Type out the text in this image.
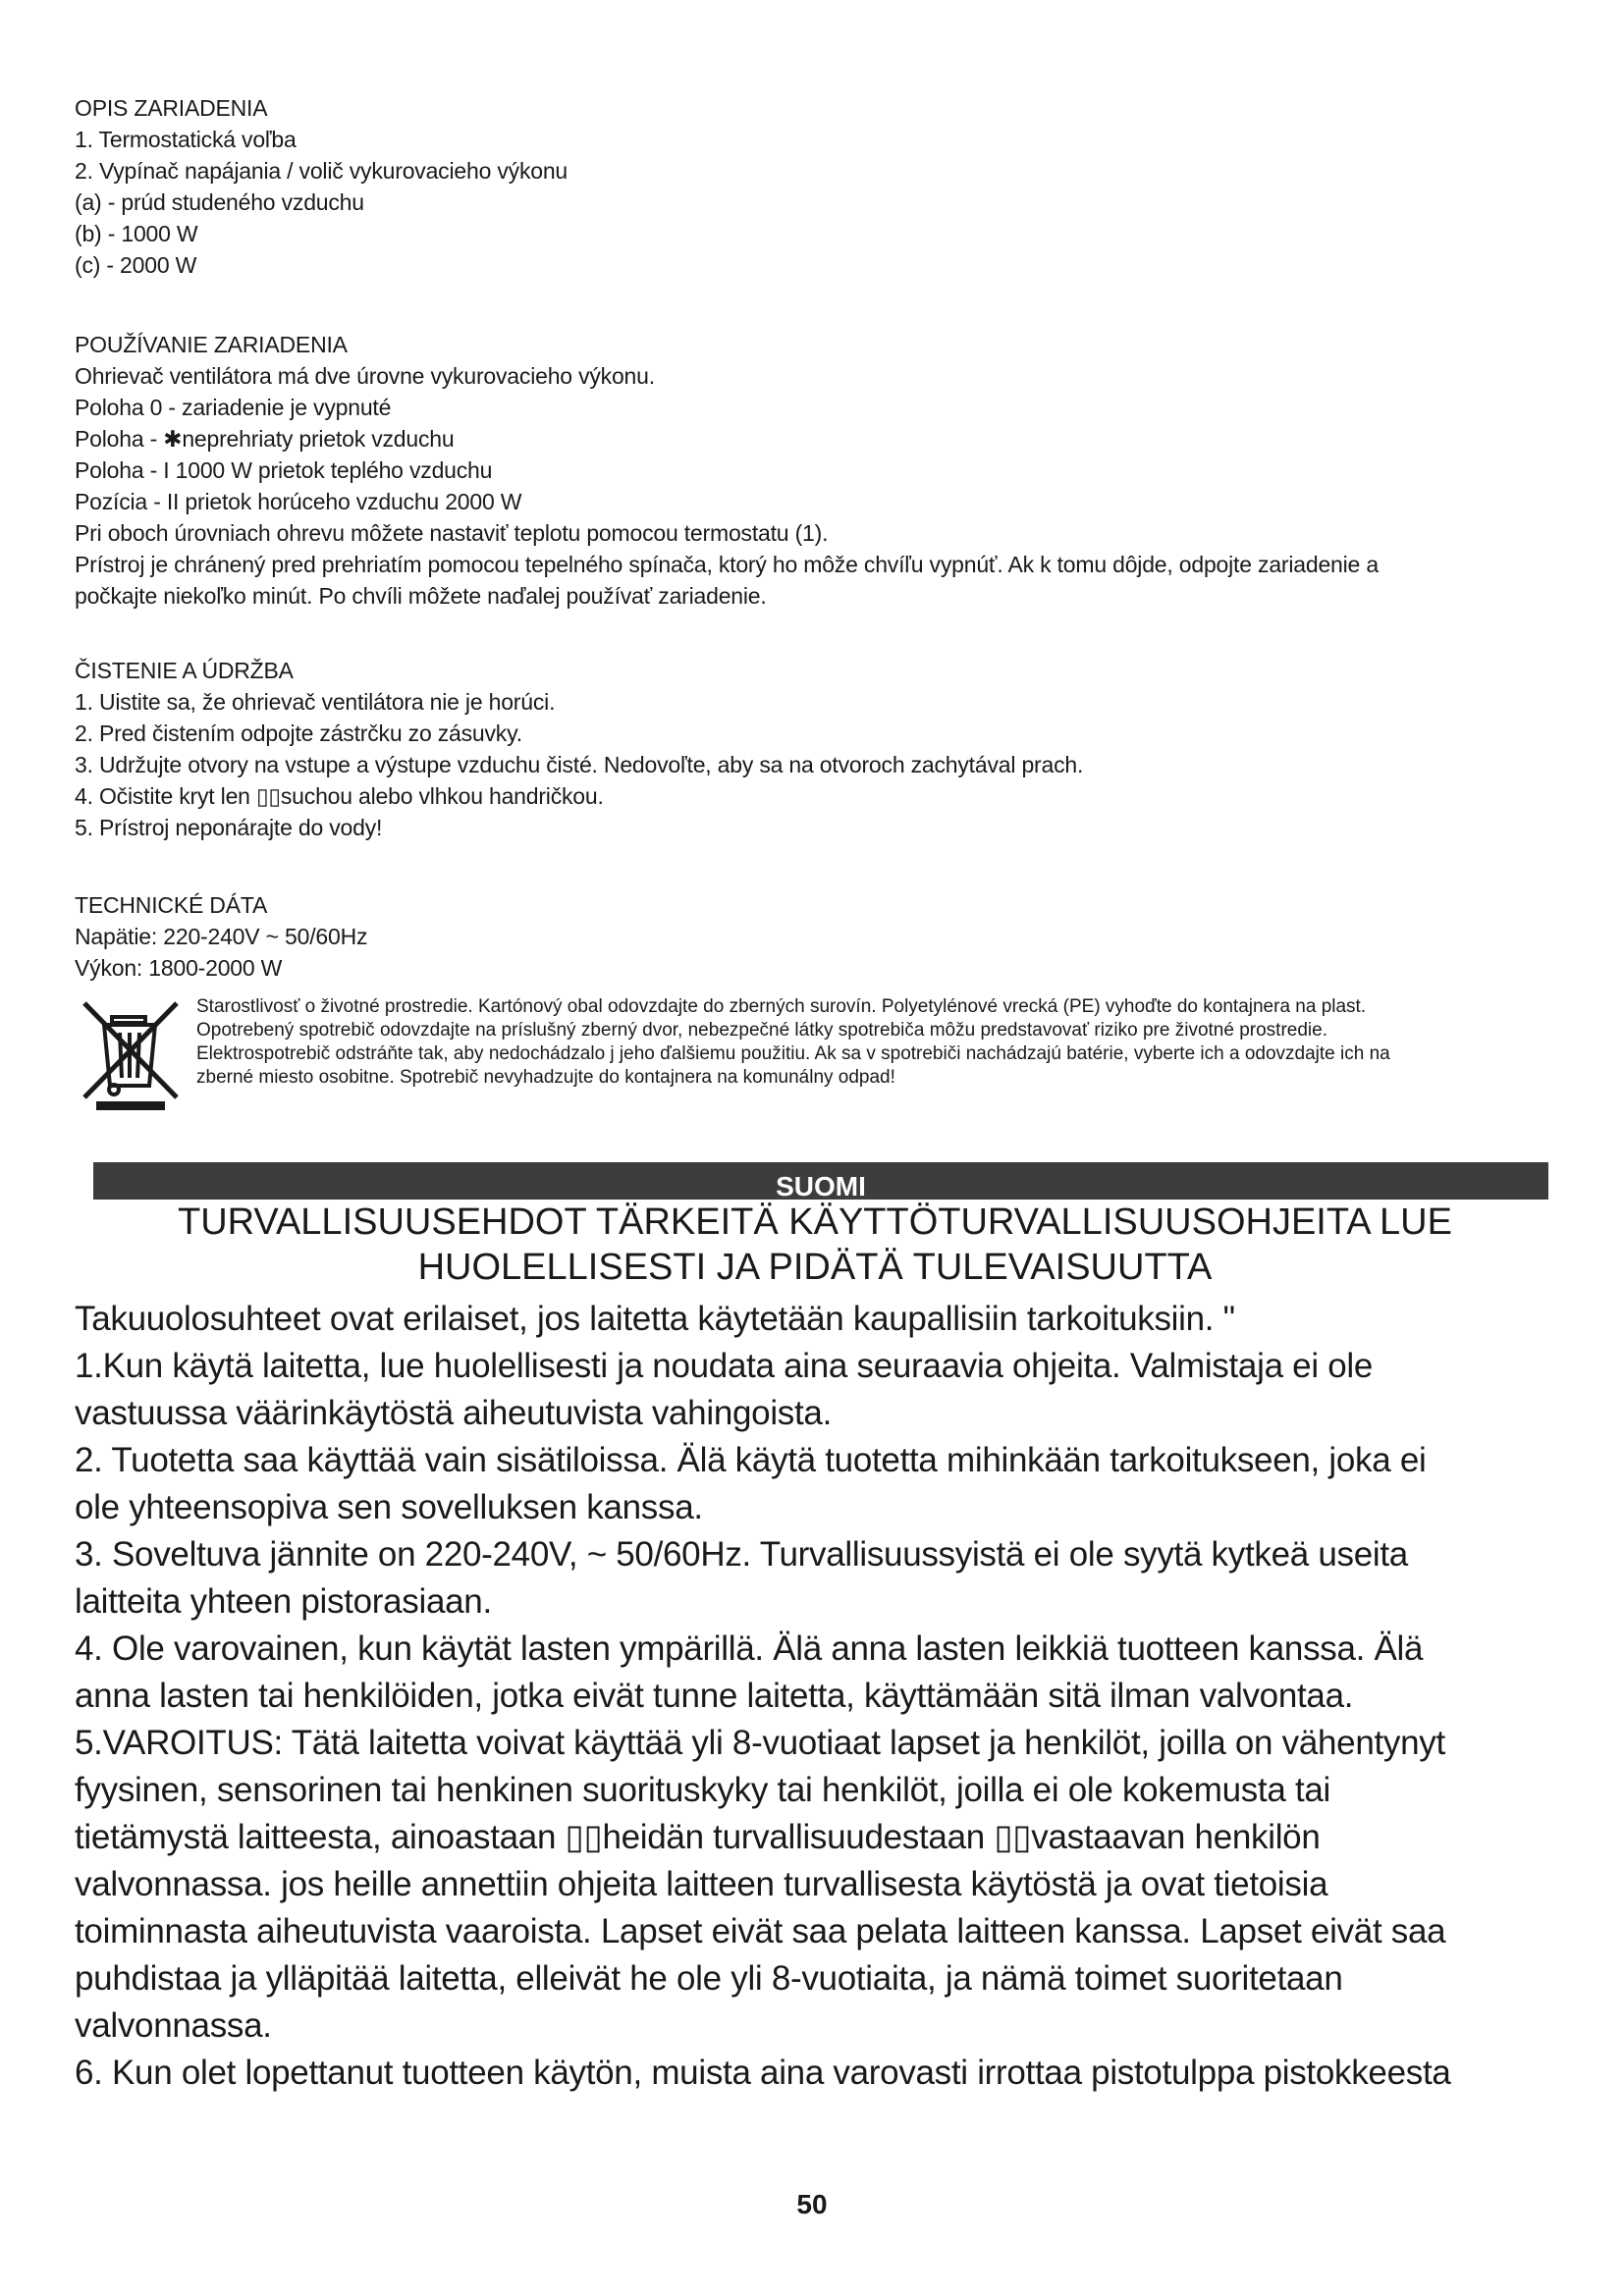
OPIS ZARIADENIA

1. Termostatická voľba

2. Vypínač napájania / volič vykurovacieho výkonu

(a) - prúd studeného vzduchu

(b) - 1000 W

(c) - 2000 W

POUŽÍVANIE ZARIADENIA

Ohrievač ventilátora má dve úrovne vykurovacieho výkonu.

Poloha 0 - zariadenie je vypnuté

Poloha - ✱neprehriaty prietok vzduchu

Poloha - I 1000 W prietok teplého vzduchu

Pozícia - II prietok horúceho vzduchu 2000 W

Pri oboch úrovniach ohrevu môžete nastaviť teplotu pomocou termostatu (1).

Prístroj je chránený pred prehriatím pomocou tepelného spínača, ktorý ho môže chvíľu vypnúť. Ak k tomu dôjde, odpojte zariadenie a

počkajte niekoľko minút. Po chvíli môžete naďalej používať zariadenie.

ČISTENIE A ÚDRŽBA

1. Uistite sa, že ohrievač ventilátora nie je horúci.

2. Pred čistením odpojte zástrčku zo zásuvky.

3. Udržujte otvory na vstupe a výstupe vzduchu čisté. Nedovoľte, aby sa na otvoroch zachytával prach.

4. Očistite kryt len ▯▯suchou alebo vlhkou handričkou.

5. Prístroj neponárajte do vody!

TECHNICKÉ DÁTA

Napätie: 220-240V ~ 50/60Hz

Výkon: 1800-2000 W

Starostlivosť o životné prostredie. Kartónový obal odovzdajte do zberných surovín. Polyetylénové vrecká (PE) vyhoďte do kontajnera na plast.

Opotrebený spotrebič odovzdajte na príslušný zberný dvor, nebezpečné látky spotrebiča môžu predstavovať riziko pre životné prostredie.

Elektrospotrebič odstráňte tak, aby nedochádzalo j jeho ďalšiemu použitiu. Ak sa v spotrebiči nachádzajú batérie, vyberte ich a odovzdajte ich na

zberné miesto osobitne. Spotrebič nevyhadzujte do kontajnera na komunálny odpad!

SUOMI
TURVALLISUUSEHDOT TÄRKEITÄ KÄYTTÖTURVALLISUUSOHJEITA LUE
HUOLELLISESTI JA PIDÄTÄ TULEVAISUUTTA

Takuuolosuhteet ovat erilaiset, jos laitetta käytetään kaupallisiin tarkoituksiin. "

1.Kun käytä laitetta, lue huolellisesti ja noudata aina seuraavia ohjeita. Valmistaja ei ole

vastuussa väärinkäytöstä aiheutuvista vahingoista.

2. Tuotetta saa käyttää vain sisätiloissa. Älä käytä tuotetta mihinkään tarkoitukseen, joka ei

ole yhteensopiva sen sovelluksen kanssa.

3. Soveltuva jännite on 220-240V, ~ 50/60Hz. Turvallisuussyistä ei ole syytä kytkeä useita

laitteita yhteen pistorasiaan.

4. Ole varovainen, kun käytät lasten ympärillä. Älä anna lasten leikkiä tuotteen kanssa. Älä

anna lasten tai henkilöiden, jotka eivät tunne laitetta, käyttämään sitä ilman valvontaa.

5.VAROITUS: Tätä laitetta voivat käyttää yli 8-vuotiaat lapset ja henkilöt, joilla on vähentynyt

fyysinen, sensorinen tai henkinen suorituskyky tai henkilöt, joilla ei ole kokemusta tai

tietämystä laitteesta, ainoastaan ▯▯heidän turvallisuudestaan ▯▯vastaavan henkilön

valvonnassa. jos heille annettiin ohjeita laitteen turvallisesta käytöstä ja ovat tietoisia

toiminnasta aiheutuvista vaaroista. Lapset eivät saa pelata laitteen kanssa. Lapset eivät saa

puhdistaa ja ylläpitää laitetta, elleivät he ole yli 8-vuotiaita, ja nämä toimet suoritetaan

valvonnassa.

6. Kun olet lopettanut tuotteen käytön, muista aina varovasti irrottaa pistotulppa pistokkeesta

50
